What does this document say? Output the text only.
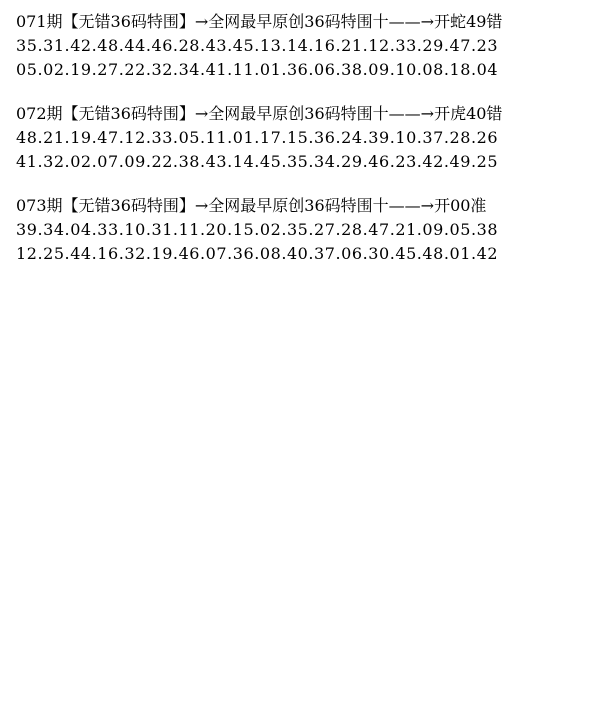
071期【无错36码特围】→全网最早原创36码特围十——→开蛇49错
35.31.42.48.44.46.28.43.45.13.14.16.21.12.33.29.47.23
05.02.19.27.22.32.34.41.11.01.36.06.38.09.10.08.18.04
072期【无错36码特围】→全网最早原创36码特围十——→开虎40错
48.21.19.47.12.33.05.11.01.17.15.36.24.39.10.37.28.26
41.32.02.07.09.22.38.43.14.45.35.34.29.46.23.42.49.25
073期【无错36码特围】→全网最早原创36码特围十——→开00准
39.34.04.33.10.31.11.20.15.02.35.27.28.47.21.09.05.38
12.25.44.16.32.19.46.07.36.08.40.37.06.30.45.48.01.42
